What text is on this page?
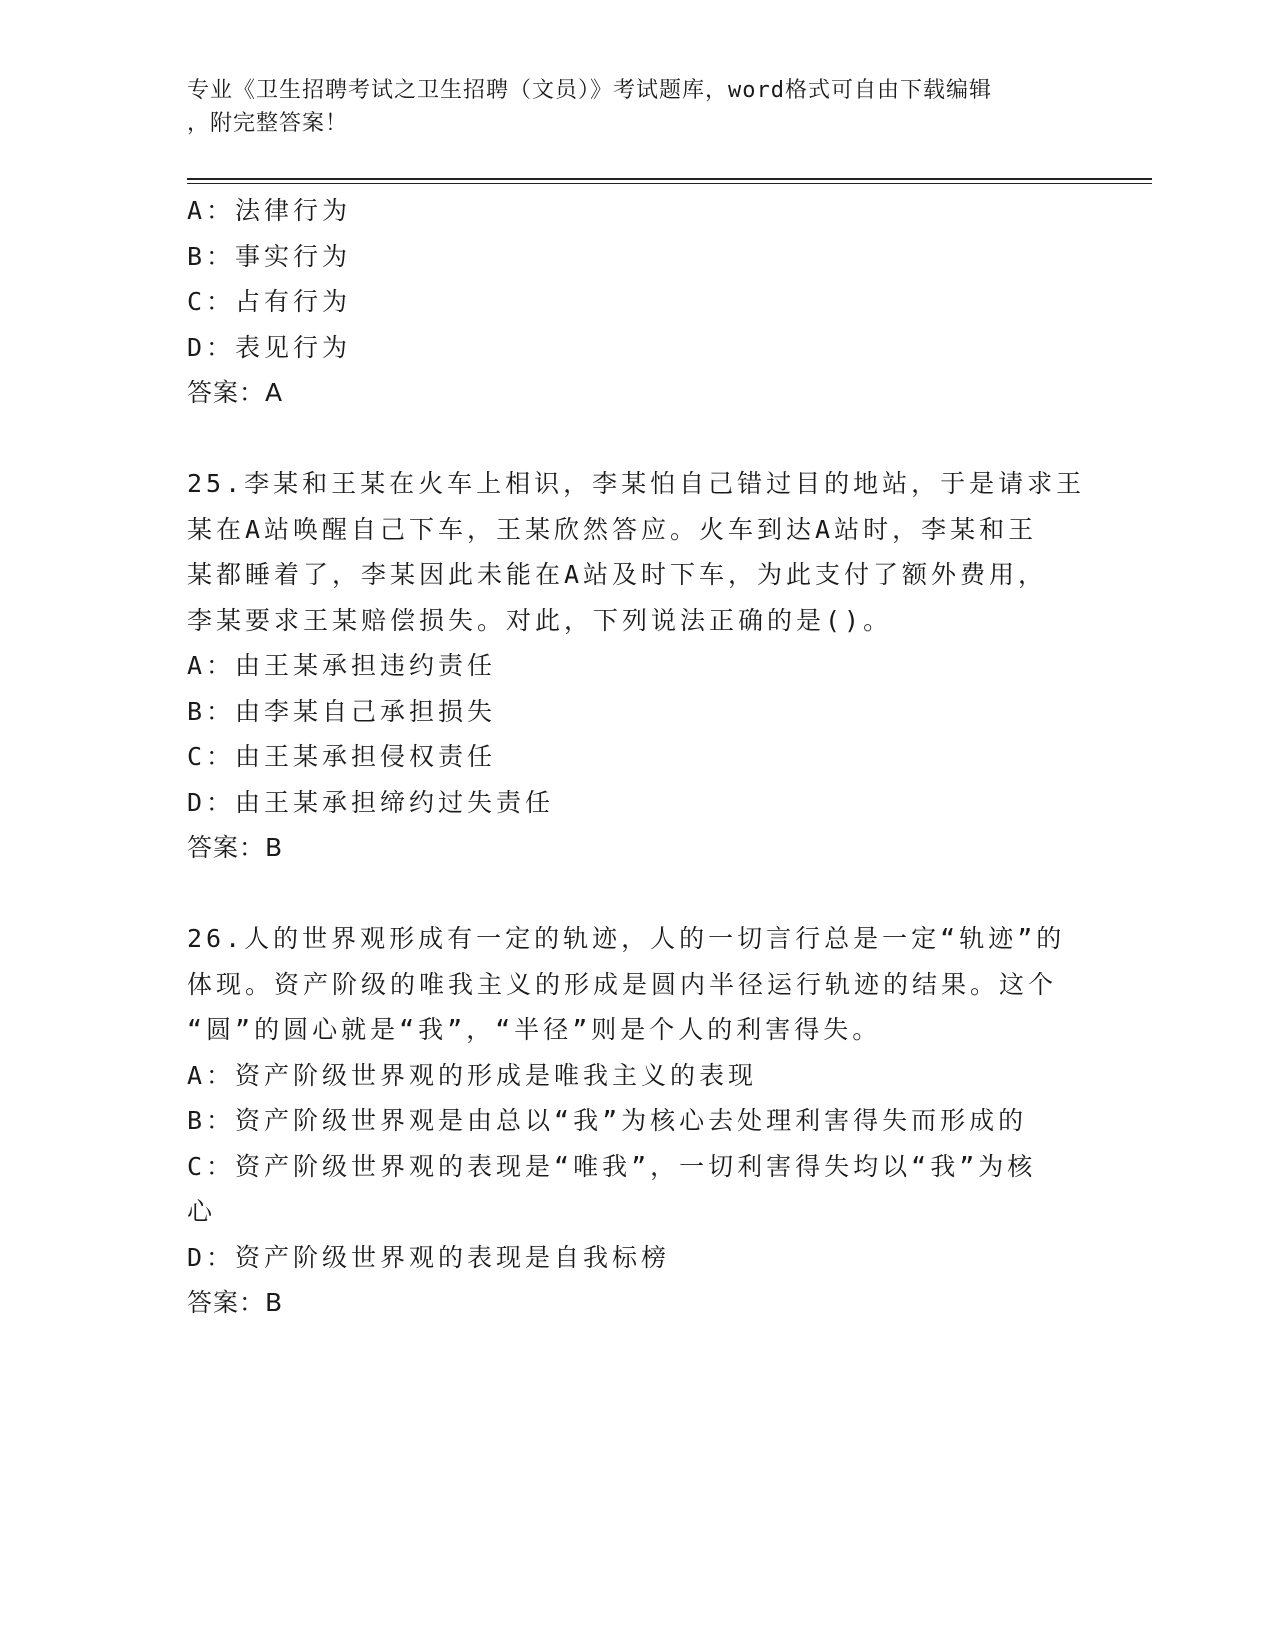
专业《卫生招聘考试之卫生招聘（文员）》考试题库，word格式可自由下载编辑
，附完整答案！
A：法律行为
B：事实行为
C：占有行为
D：表见行为
答案：A
25.李某和王某在火车上相识，李某怕自己错过目的地站，于是请求王
某在A站唤醒自己下车，王某欣然答应。火车到达A站时，李某和王
某都睡着了，李某因此未能在A站及时下车，为此支付了额外费用，
李某要求王某赔偿损失。对此，下列说法正确的是()。
A：由王某承担违约责任
B：由李某自己承担损失
C：由王某承担侵权责任
D：由王某承担缔约过失责任
答案：B
26.人的世界观形成有一定的轨迹，人的一切言行总是一定“轨迹”的
体现。资产阶级的唯我主义的形成是圆内半径运行轨迹的结果。这个
“圆”的圆心就是“我”，“半径”则是个人的利害得失。
A：资产阶级世界观的形成是唯我主义的表现
B：资产阶级世界观是由总以“我”为核心去处理利害得失而形成的
C：资产阶级世界观的表现是“唯我”，一切利害得失均以“我”为核
心
D：资产阶级世界观的表现是自我标榜
答案：B
